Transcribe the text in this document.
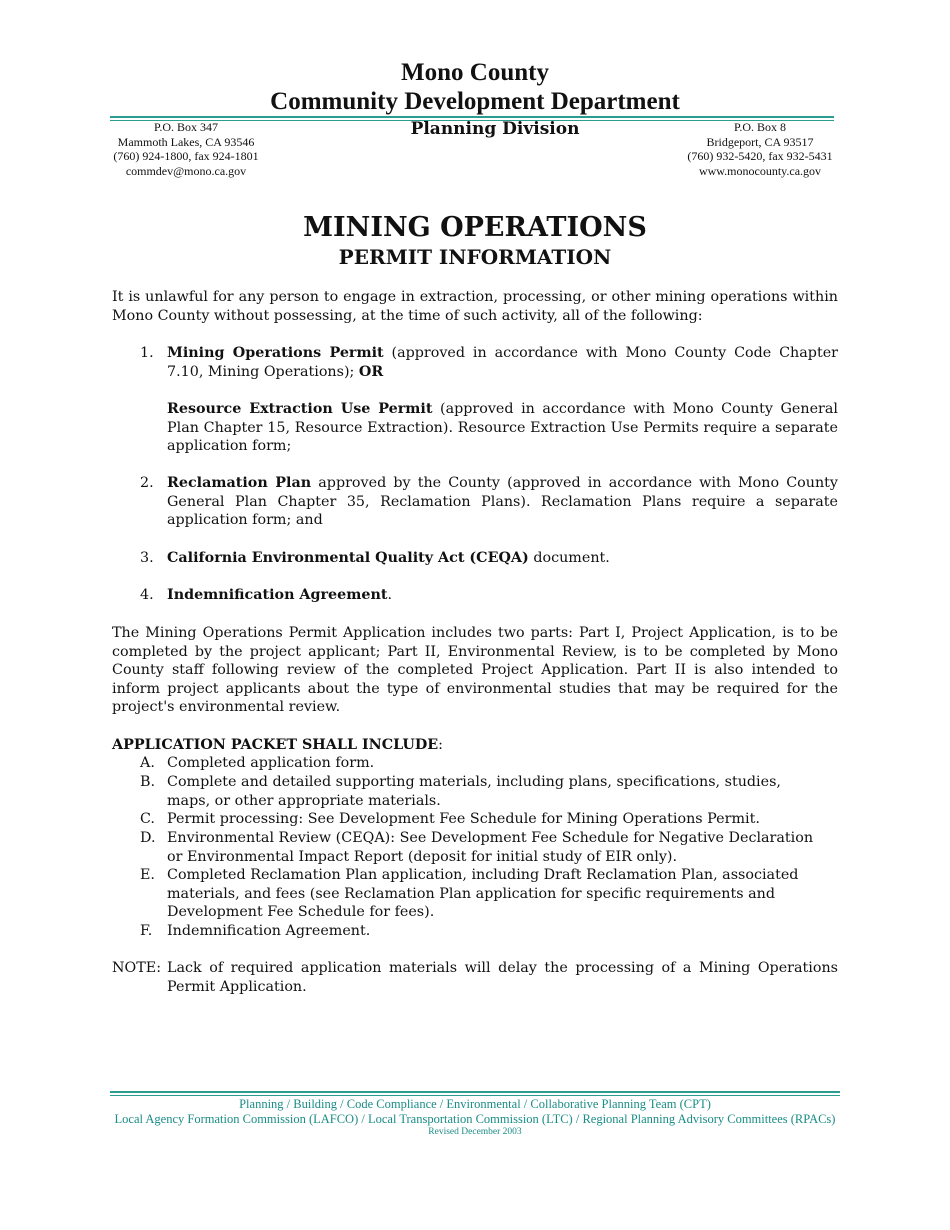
Mono County
Community Development Department
P.O. Box 347
Mammoth Lakes, CA 93546
(760) 924-1800, fax 924-1801
commdev@mono.ca.gov
Planning Division	P.O. Box 8
Bridgeport, CA 93517
(760) 932-5420, fax 932-5431
www.monocounty.ca.gov
MINING OPERATIONS
PERMIT INFORMATION
It is unlawful for any person to engage in extraction, processing, or other mining operations within Mono County without possessing, at the time of such activity, all of the following:
1. Mining Operations Permit (approved in accordance with Mono County Code Chapter 7.10, Mining Operations); OR
Resource Extraction Use Permit (approved in accordance with Mono County General Plan Chapter 15, Resource Extraction). Resource Extraction Use Permits require a separate application form;
2. Reclamation Plan approved by the County (approved in accordance with Mono County General Plan Chapter 35, Reclamation Plans). Reclamation Plans require a separate application form; and
3. California Environmental Quality Act (CEQA) document.
4. Indemnification Agreement.
The Mining Operations Permit Application includes two parts: Part I, Project Application, is to be completed by the project applicant; Part II, Environmental Review, is to be completed by Mono County staff following review of the completed Project Application. Part II is also intended to inform project applicants about the type of environmental studies that may be required for the project's environmental review.
APPLICATION PACKET SHALL INCLUDE:
A. Completed application form.
B. Complete and detailed supporting materials, including plans, specifications, studies, maps, or other appropriate materials.
C. Permit processing: See Development Fee Schedule for Mining Operations Permit.
D. Environmental Review (CEQA): See Development Fee Schedule for Negative Declaration or Environmental Impact Report (deposit for initial study of EIR only).
E. Completed Reclamation Plan application, including Draft Reclamation Plan, associated materials, and fees (see Reclamation Plan application for specific requirements and Development Fee Schedule for fees).
F. Indemnification Agreement.
NOTE: Lack of required application materials will delay the processing of a Mining Operations Permit Application.
Planning / Building / Code Compliance / Environmental / Collaborative Planning Team (CPT)
Local Agency Formation Commission (LAFCO) / Local Transportation Commission (LTC) / Regional Planning Advisory Committees (RPACs)
Revised December 2003
